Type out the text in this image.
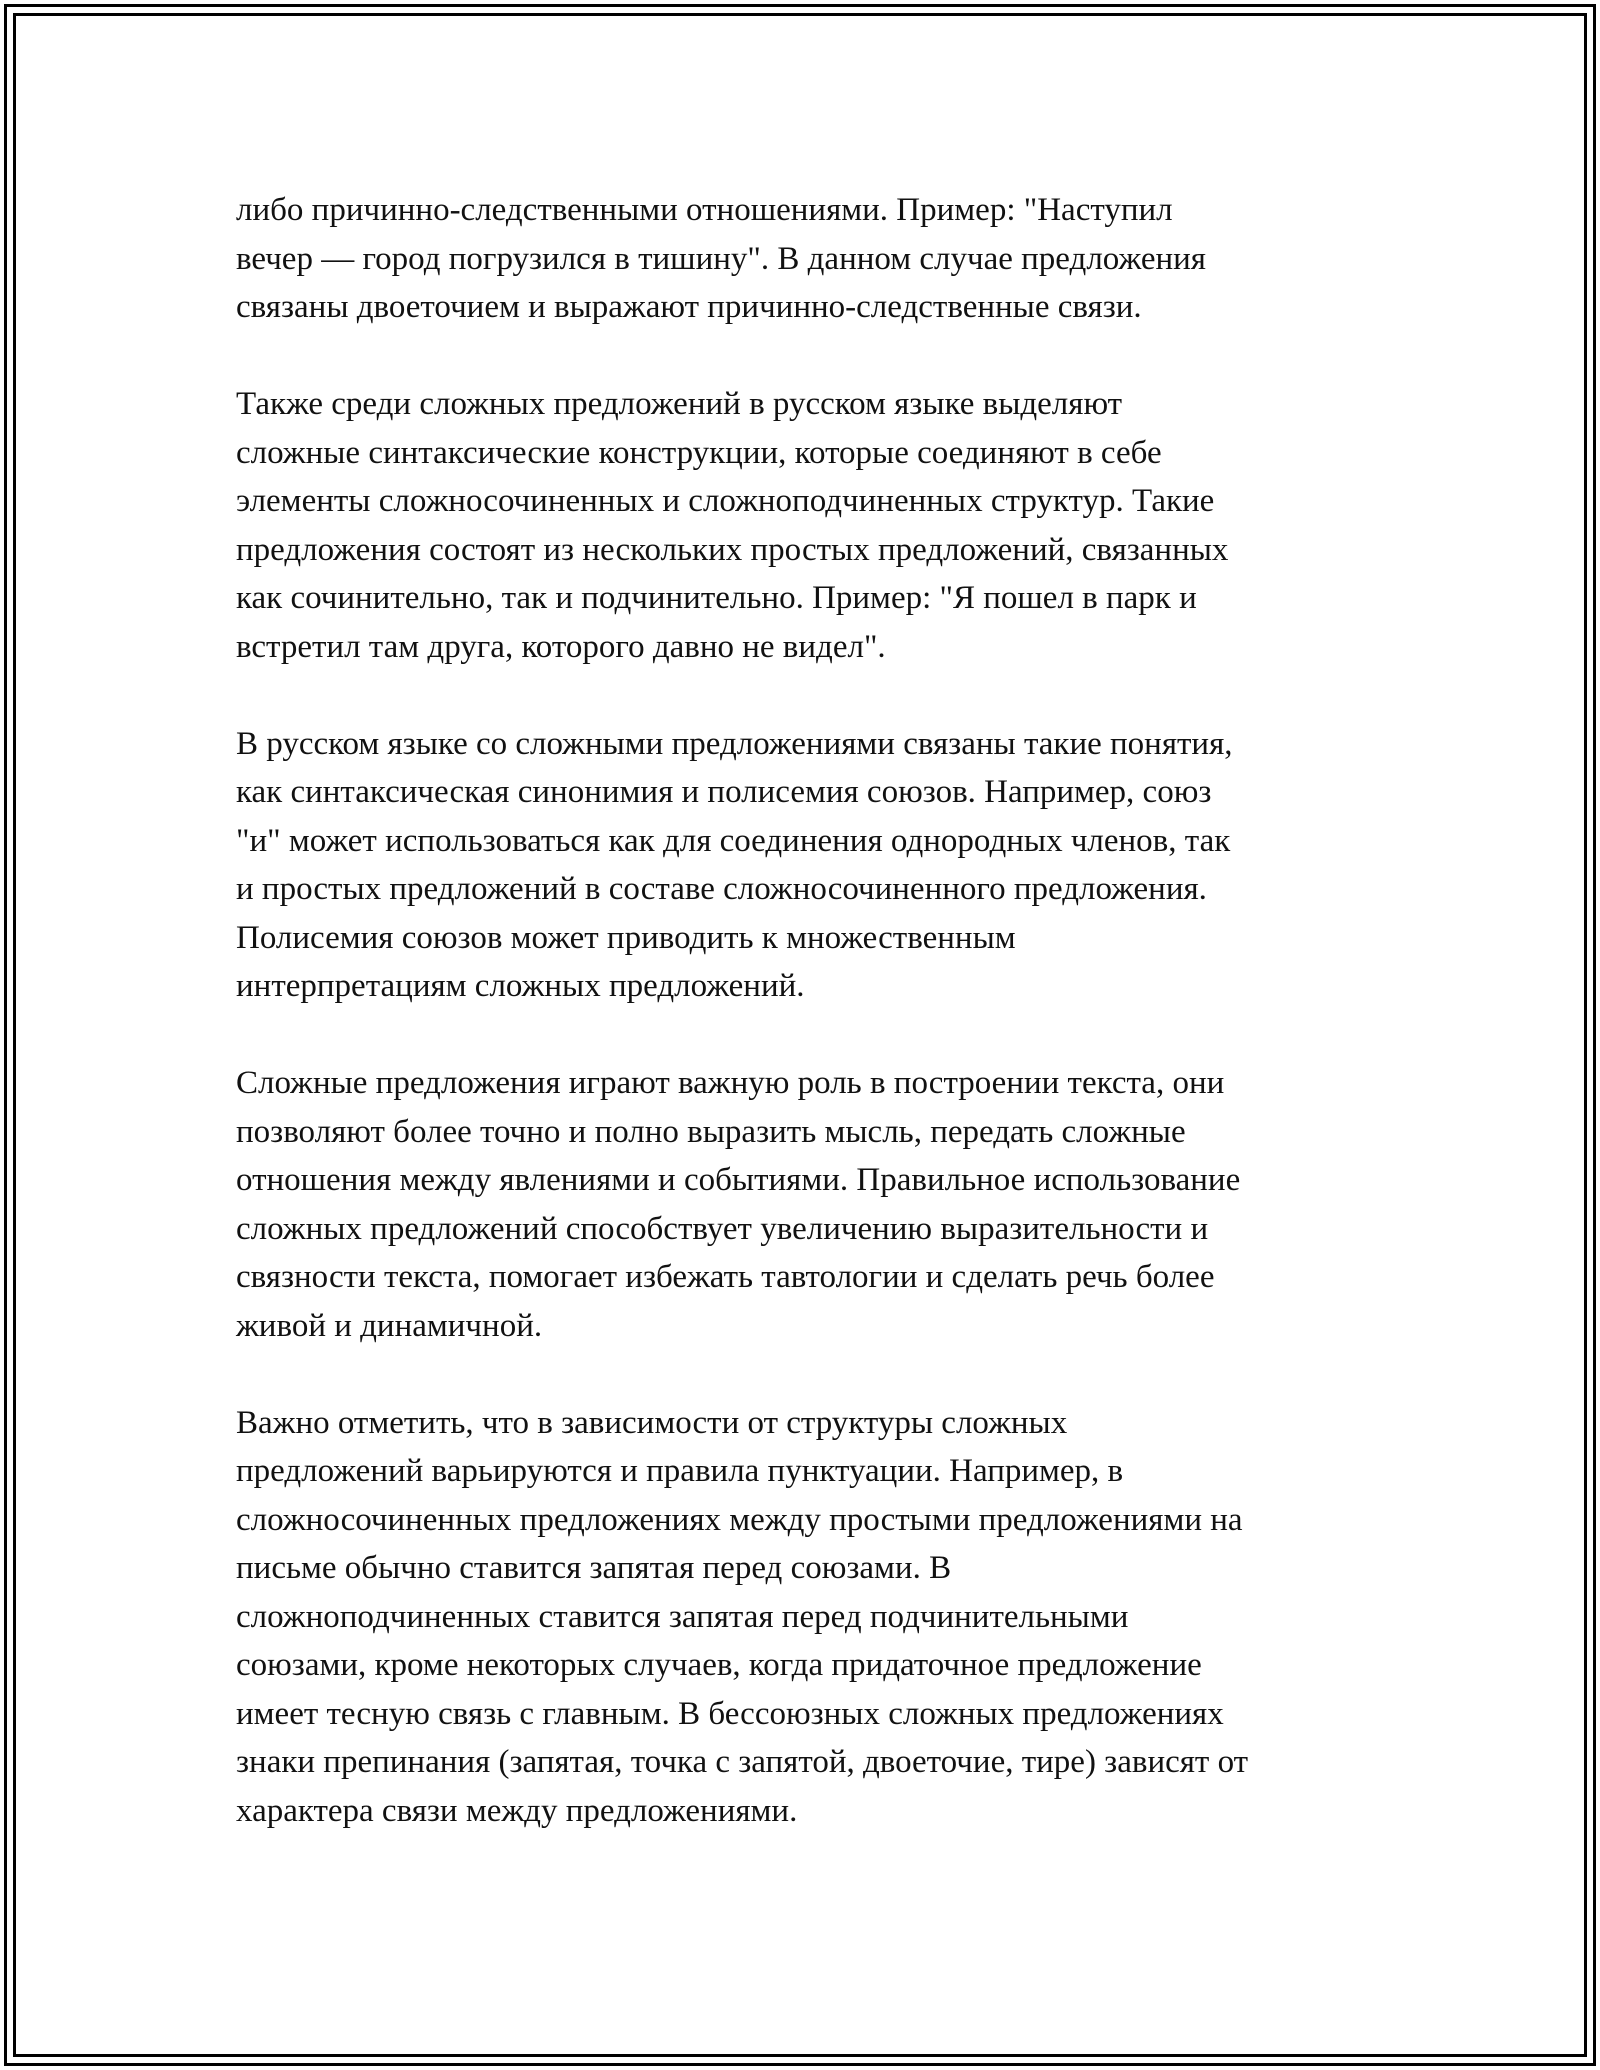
либо причинно-следственными отношениями. Пример: "Наступил
вечер — город погрузился в тишину". В данном случае предложения
связаны двоеточием и выражают причинно-следственные связи.

Также среди сложных предложений в русском языке выделяют
сложные синтаксические конструкции, которые соединяют в себе
элементы сложносочиненных и сложноподчиненных структур. Такие
предложения состоят из нескольких простых предложений, связанных
как сочинительно, так и подчинительно. Пример: "Я пошел в парк и
встретил там друга, которого давно не видел".

В русском языке со сложными предложениями связаны такие понятия,
как синтаксическая синонимия и полисемия союзов. Например, союз
"и" может использоваться как для соединения однородных членов, так
и простых предложений в составе сложносочиненного предложения.
Полисемия союзов может приводить к множественным
интерпретациям сложных предложений.

Сложные предложения играют важную роль в построении текста, они
позволяют более точно и полно выразить мысль, передать сложные
отношения между явлениями и событиями. Правильное использование
сложных предложений способствует увеличению выразительности и
связности текста, помогает избежать тавтологии и сделать речь более
живой и динамичной.

Важно отметить, что в зависимости от структуры сложных
предложений варьируются и правила пунктуации. Например, в
сложносочиненных предложениях между простыми предложениями на
письме обычно ставится запятая перед союзами. В
сложноподчиненных ставится запятая перед подчинительными
союзами, кроме некоторых случаев, когда придаточное предложение
имеет тесную связь с главным. В бессоюзных сложных предложениях
знаки препинания (запятая, точка с запятой, двоеточие, тире) зависят от
характера связи между предложениями.
